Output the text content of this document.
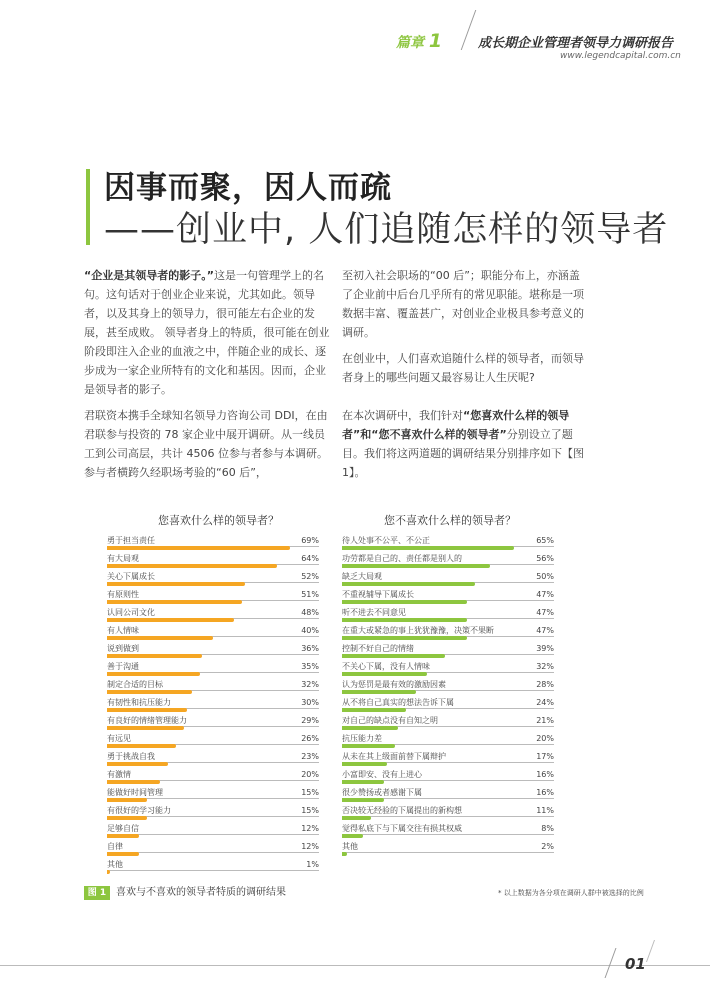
篇章 1	成长期企业管理者领导力调研报告
www.legendcapital.com.cn
因事而聚，因人而疏
——创业中, 人们追随怎样的领导者
“企业是其领导者的影子。”这是一句管理学上的名句。这句话对于创业企业来说，尤其如此。领导者，以及其身上的领导力，很可能左右企业的发展，甚至成败。 领导者身上的特质，很可能在创业阶段即注入企业的血液之中，伴随企业的成长、逐步成为一家企业所特有的文化和基因。因而，企业是领导者的影子。
君联资本携手全球知名领导力咨询公司 DDI，在由君联参与投资的 78 家企业中展开调研。从一线员工到公司高层，共计 4506 位参与者参与本调研。参与者横跨久经职场考验的“60 后”，
至初入社会职场的“00 后”；职能分布上，亦涵盖了企业前中后台几乎所有的常见职能。堪称是一项数据丰富、覆盖甚广，对创业企业极具参考意义的调研。
在创业中，人们喜欢追随什么样的领导者，而领导者身上的哪些问题又最容易让人生厌呢?
在本次调研中，我们针对“您喜欢什么样的领导者”和“您不喜欢什么样的领导者”分别设立了题目。我们将这两道题的调研结果分别排序如下【图 1】。
您喜欢什么样的领导者？
勇于担当责任	69%
有大局观	64%
关心下属成长	52%
有原则性	51%
认同公司文化	48%
有人情味	40%
说到做到	36%
善于沟通	35%
制定合适的目标	32%
有韧性和抗压能力	30%
有良好的情绪管理能力	29%
有远见	26%
勇于挑战自我	23%
有激情	20%
能做好时间管理	15%
有很好的学习能力	15%
足够自信	12%
自律	12%
其他	1%
您不喜欢什么样的领导者？
待人处事不公平、不公正	65%
功劳都是自己的、责任都是别人的	56%
缺乏大局观	50%
不重视辅导下属成长	47%
听不进去不同意见	47%
在重大或紧急的事上犹犹豫豫，决策不果断	47%
控制不好自己的情绪	39%
不关心下属，没有人情味	32%
认为惩罚是最有效的激励因素	28%
从不将自己真实的想法告诉下属	24%
对自己的缺点没有自知之明	21%
抗压能力差	20%
从未在其上级面前替下属辩护	17%
小富即安、没有上进心	16%
很少赞扬或者感谢下属	16%
否决较无经验的下属提出的新构想	11%
觉得私底下与下属交往有损其权威	8%
其他	2%
图 1 喜欢与不喜欢的领导者特质的调研结果	* 以上数据为各分项在调研人群中被选择的比例
01
